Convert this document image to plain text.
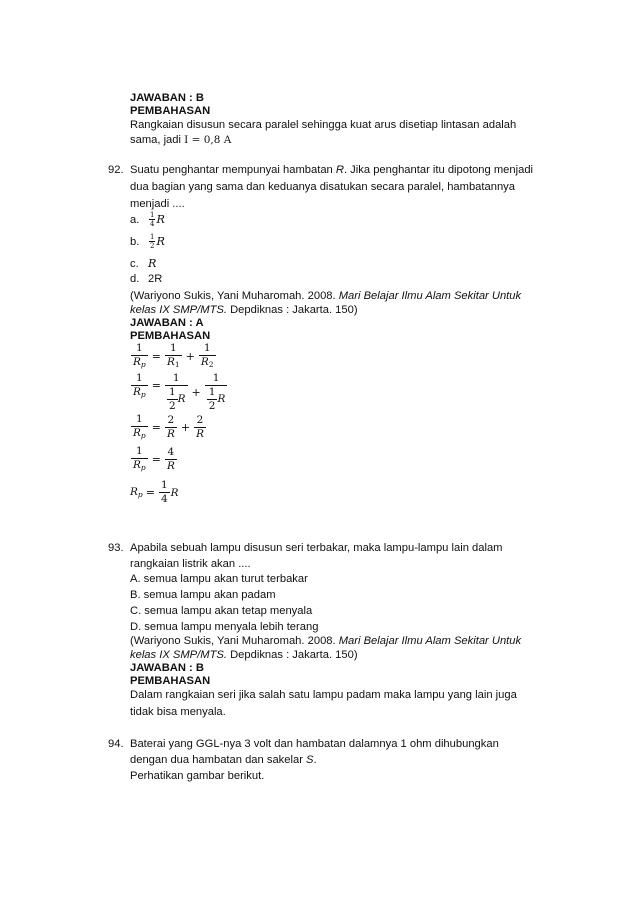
JAWABAN : B
PEMBAHASAN
Rangkaian disusun secara paralel sehingga kuat arus disetiap lintasan adalah
sama, jadi I = 0,8 A
92. Suatu penghantar mempunyai hambatan R. Jika penghantar itu dipotong menjadi
dua bagian yang sama dan keduanya disatukan secara paralel, hambatannya
menjadi ....
a.	$\frac{1}{4}$ R
b.	$\frac{1}{2}$ R
c. R
d. 2R
(Wariyono Sukis, Yani Muharomah. 2008. Mari Belajar Ilmu Alam Sekitar Untuk
kelas IX SMP/MTS. Depdiknas : Jakarta. 150)
JAWABAN : A
PEMBAHASAN
$\frac{1}{R_p} = \frac{1}{R_1} + \frac{1}{R_2}$
$\frac{1}{R_p} = \frac{1}{\frac{1}{2} R} + \frac{1}{\frac{1}{2} R}$
$\frac{1}{R_p} = \frac{2}{R} + \frac{2}{R}$
$\frac{1}{R_p} = \frac{4}{R}$
$R_p = \frac{1}{4}$ R
93. Apabila sebuah lampu disusun seri terbakar, maka lampu-lampu lain dalam
rangkaian listrik akan ....
A. semua lampu akan turut terbakar
B. semua lampu akan padam
C. semua lampu akan tetap menyala
D. semua lampu menyala lebih terang
(Wariyono Sukis, Yani Muharomah. 2008. Mari Belajar Ilmu Alam Sekitar Untuk
kelas IX SMP/MTS. Depdiknas : Jakarta. 150)
JAWABAN : B
PEMBAHASAN
Dalam rangkaian seri jika salah satu lampu padam maka lampu yang lain juga
tidak bisa menyala.
94. Baterai yang GGL-nya 3 volt dan hambatan dalamnya 1 ohm dihubungkan
dengan dua hambatan dan sakelar S.
Perhatikan gambar berikut.
